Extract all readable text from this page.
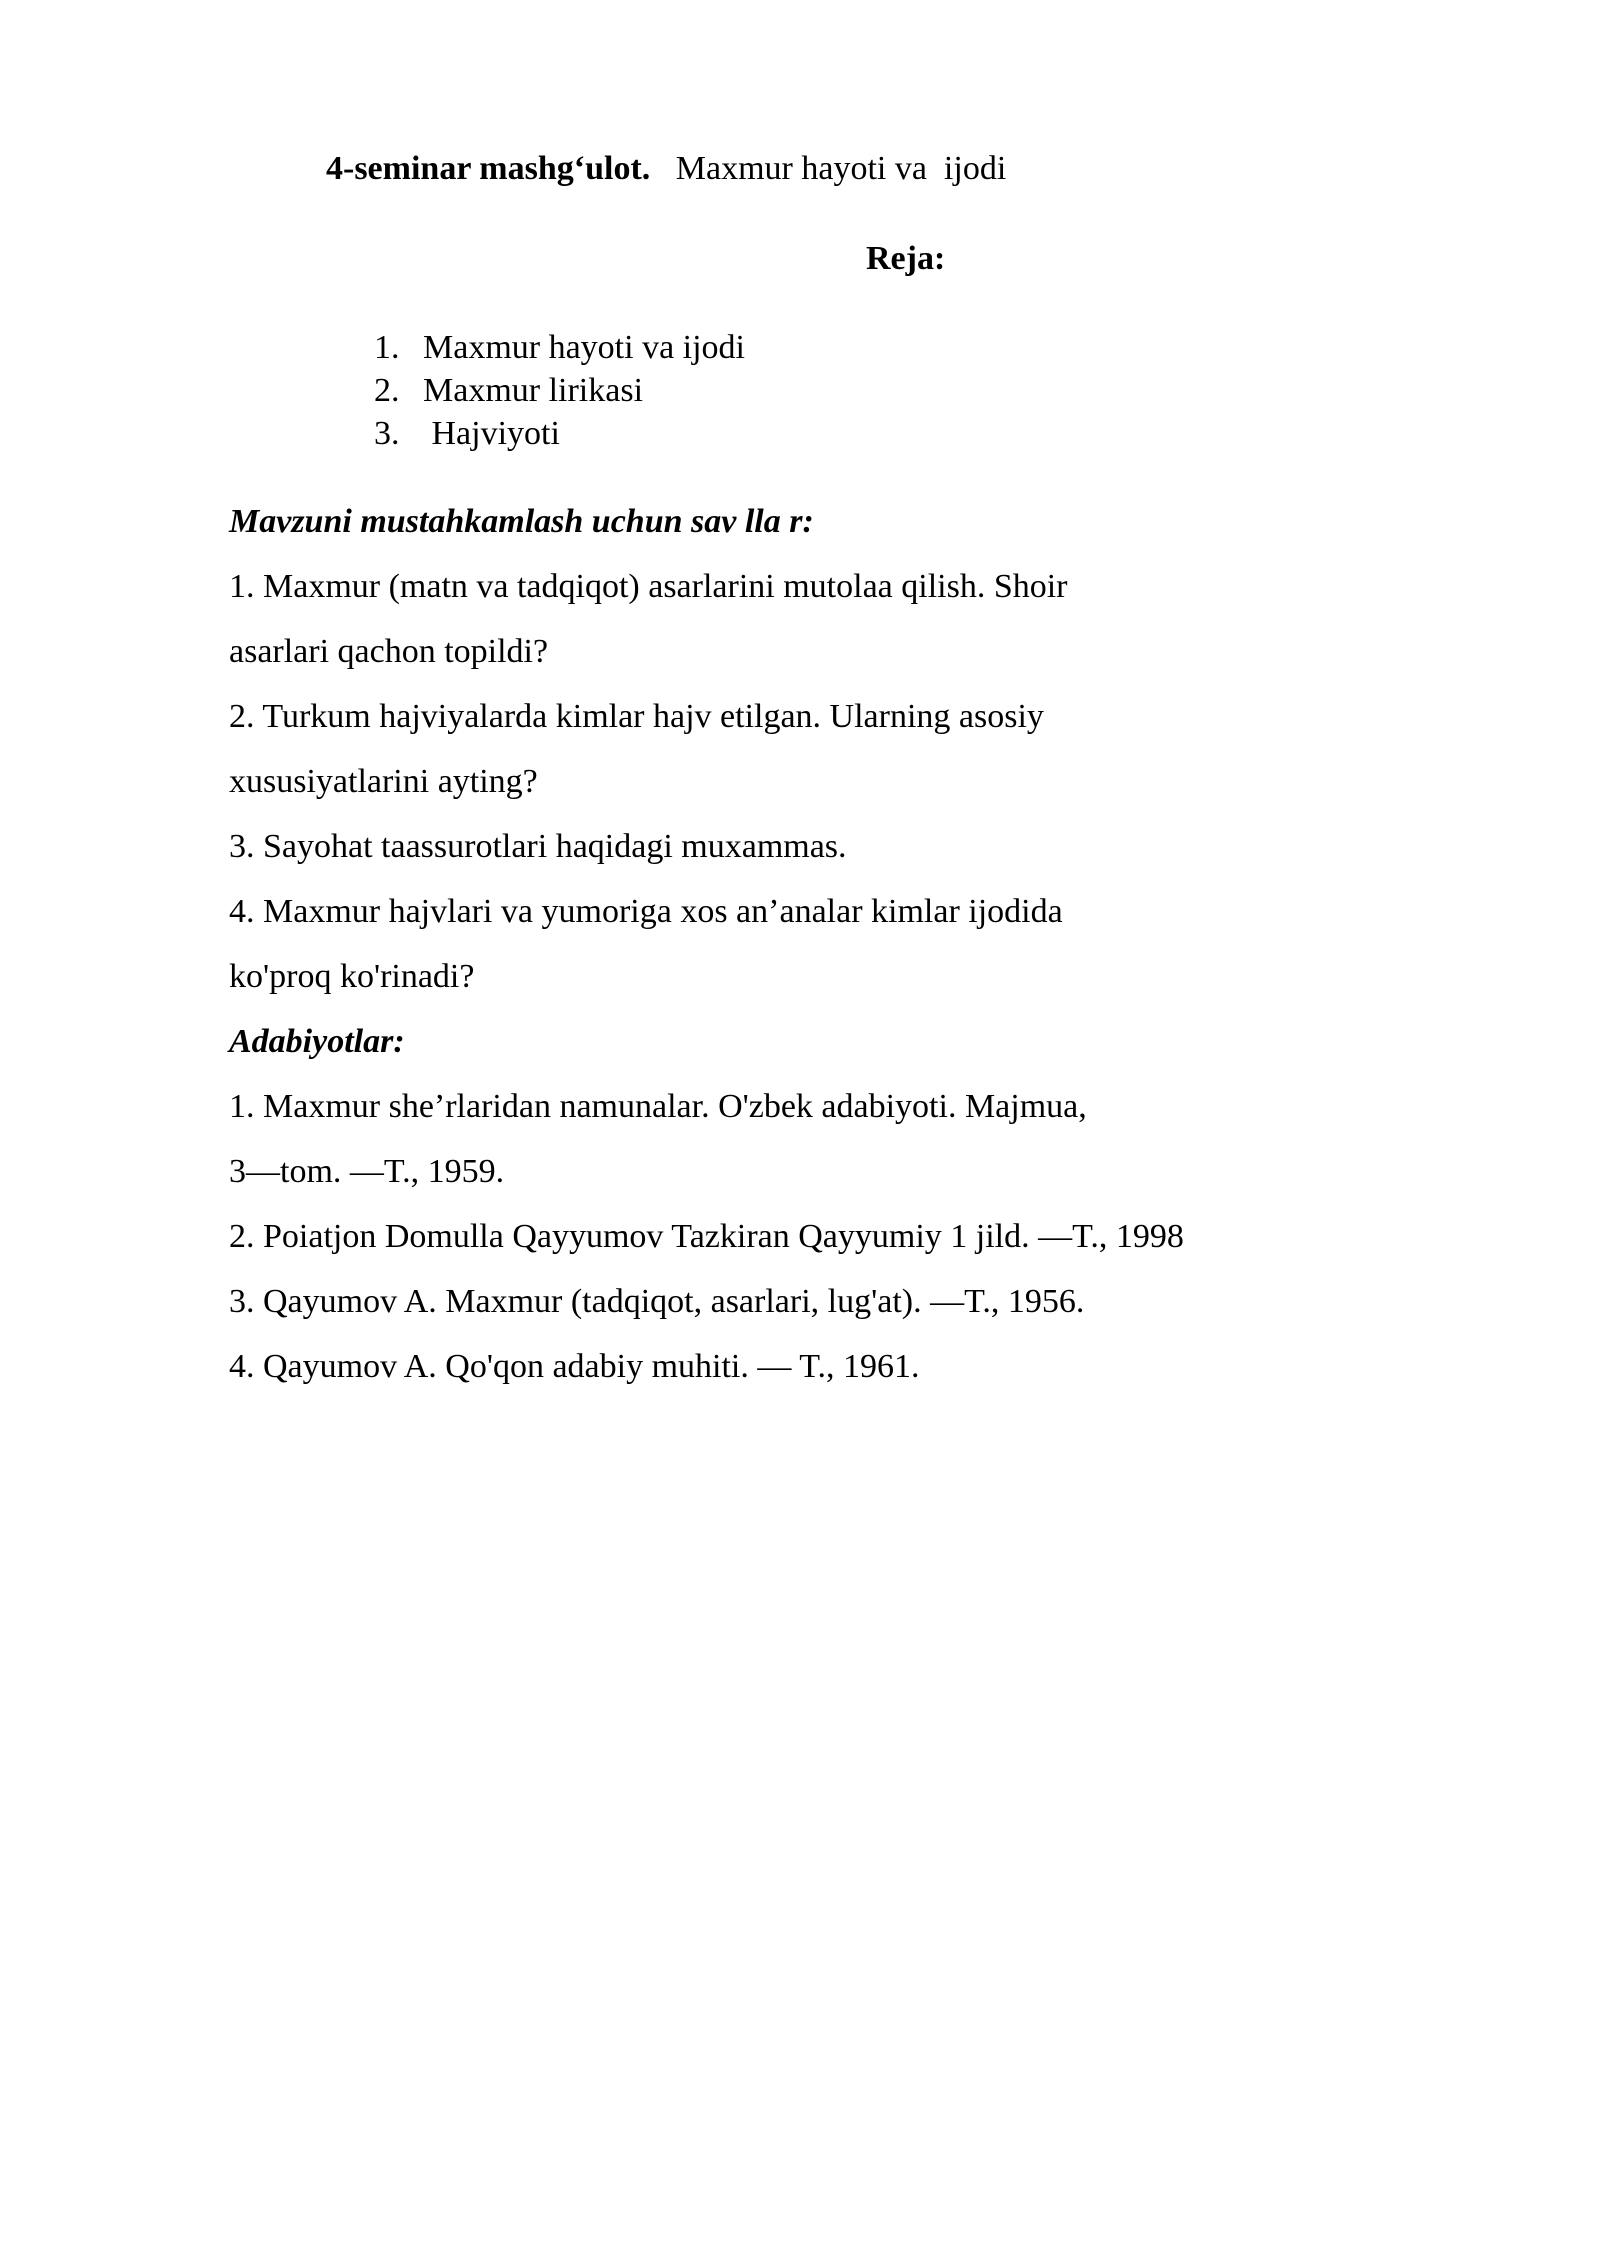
4-seminar mashg‘ulot. Maxmur hayoti va  ijodi
Reja:
1. Maxmur hayoti va ijodi
2. Maxmur lirikasi
3. Hajviyoti
Mavzuni mustahkamlash uchun sav lla r:
1. Maxmur (matn va tadqiqot) asarlarini mutolaa qilish. Shoir
asarlari qachon topildi?
2. Turkum hajviyalarda kimlar hajv etilgan. Ularning asosiy
xususiyatlarini ayting?
3. Sayohat taassurotlari haqidagi muxammas.
4. Maxmur hajvlari va yumoriga xos an’analar kimlar ijodida
ko'proq ko'rinadi?
Adabiyotlar:
1. Maxmur she’rlaridan namunalar. O'zbek adabiyoti. Majmua,
3—tom. —T., 1959.
2. Poiatjon Domulla Qayyumov Tazkiran Qayyumiy 1 jild. —T., 1998
3. Qayumov A. Maxmur (tadqiqot, asarlari, lug'at). —T., 1956.
4. Qayumov A. Qo'qon adabiy muhiti. — T., 1961.
